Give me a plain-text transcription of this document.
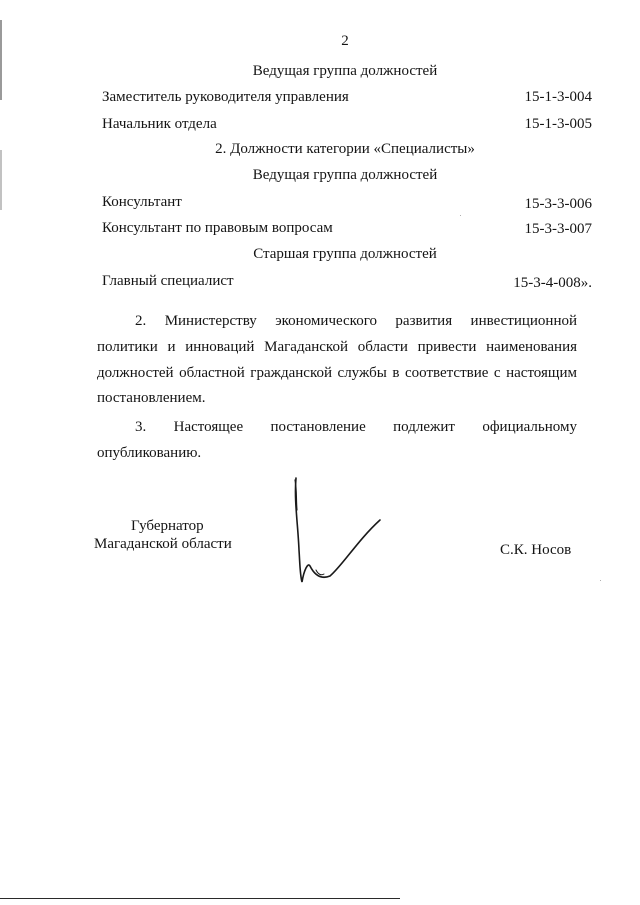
2
Ведущая группа должностей
Заместитель руководителя управления	15-1-3-004
Начальник отдела	15-1-3-005
2. Должности категории «Специалисты»
Ведущая группа должностей
Консультант	15-3-3-006
Консультант по правовым вопросам	15-3-3-007
Старшая группа должностей
Главный специалист	15-3-4-008».
2. Министерству экономического развития инвестиционной
политики и инноваций Магаданской области привести наименования
должностей областной гражданской службы в соответствие с настоящим
постановлением.
3. Настоящее постановление подлежит официальному
опубликованию.
Губернатор
Магаданской области	С.К. Носов
